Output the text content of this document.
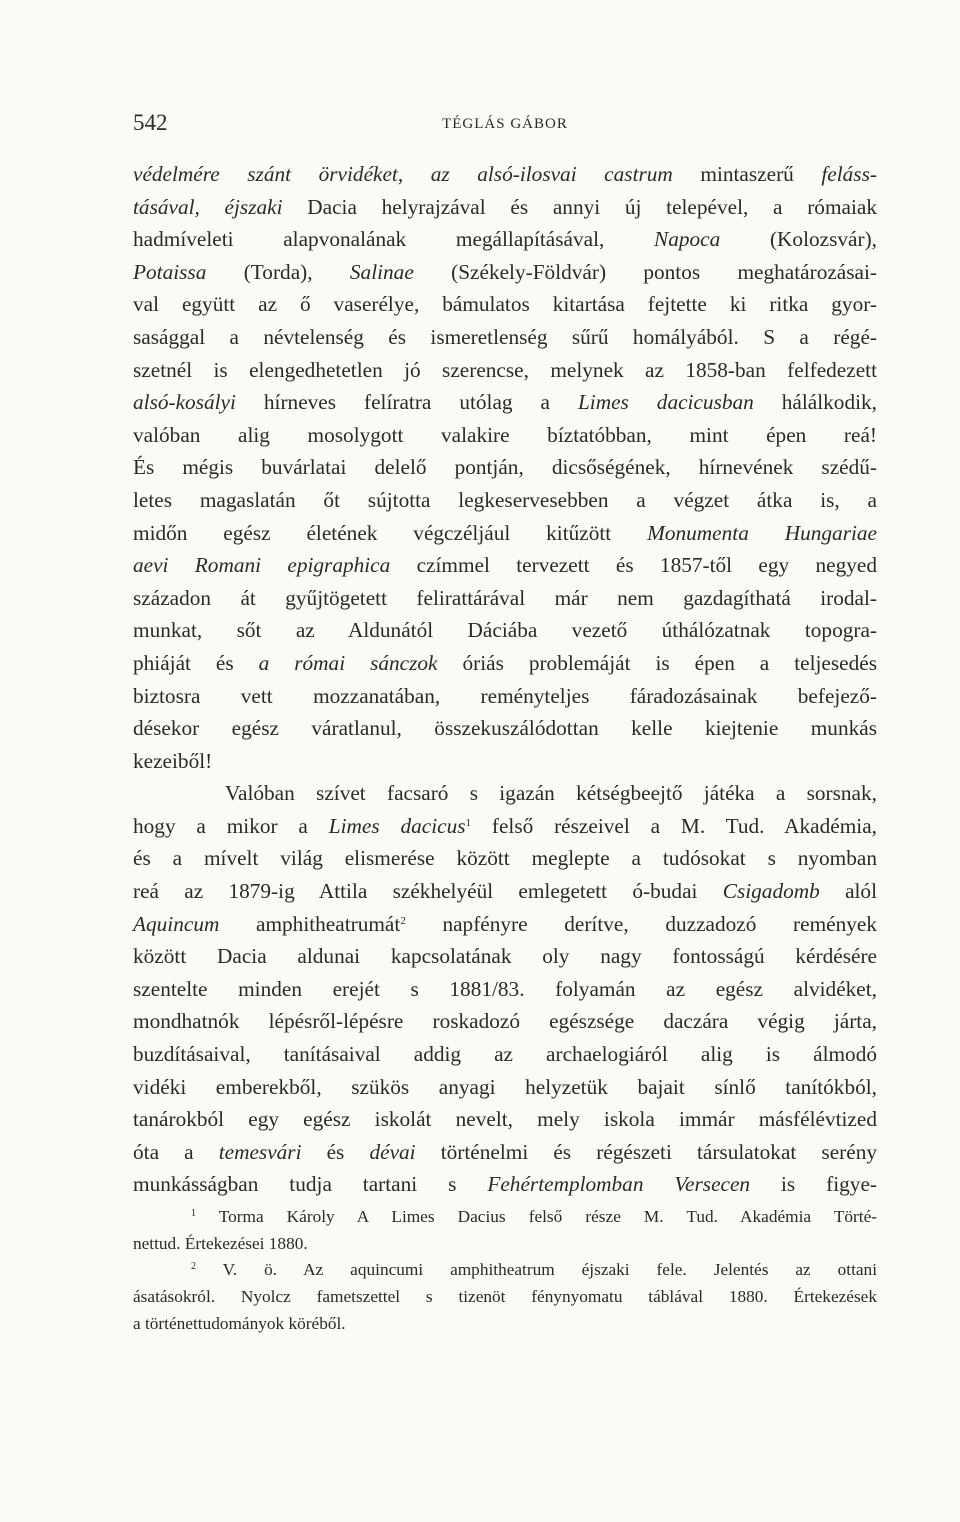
542	TÉGLÁS GÁBOR
védelmére szánt örvidéket, az alsó-ilosvai castrum mintaszerű feláss-
tásával, éjszaki Dacia helyrajzával és annyi új telepével, a rómaiak
hadmíveleti alapvonalának megállapításával, Napoca (Kolozsvár),
Potaissa (Torda), Salinae (Székely-Földvár) pontos meghatározásai-
val együtt az ő vaserélye, bámulatos kitartása fejtette ki ritka gyor-
sasággal a névtelenség és ismeretlenség sűrű homályából. S a régé-
szetnél is elengedhetetlen jó szerencse, melynek az 1858-ban felfedezett
alsó-kosályi hírneves felíratra utólag a Limes dacicusban hálálkodik,
valóban alig mosolygott valakire bíztatóbban, mint épen reá!
És mégis buvárlatai delelő pontján, dicsőségének, hírnevének szédű-
letes magaslatán őt sújtotta legkeservesebben a végzet átka is, a
midőn egész életének végczéljául kitűzött Monumenta Hungariae
aevi Romani epigraphica czímmel tervezett és 1857-től egy negyed
századon át gyűjtögetett felirattárával már nem gazdagíthatá irodal-
munkat, sőt az Aldunától Dáciába vezető úthálózatnak topogra-
phiáját és a római sánczok óriás problemáját is épen a teljesedés
biztosra vett mozzanatában, reményteljes fáradozásainak befejező-
désekor egész váratlanul, összekuszálódottan kelle kiejtenie munkás
kezeiből!
Valóban szívet facsaró s igazán kétségbeejtő játéka a sorsnak,
hogy a mikor a Limes dacicus$^1$ felső részeivel a M. Tud. Akadémia,
és a mívelt világ elismerése között meglepte a tudósokat s nyomban
reá az 1879-ig Attila székhelyéül emlegetett ó-budai Csigadomb alól
Aquincum amphitheatrumát$^2$ napfényre derítve, duzzadozó remények
között Dacia aldunai kapcsolatának oly nagy fontosságú kérdésére
szentelte minden erejét s 1881/83. folyamán az egész alvidéket,
mondhatnók lépésről-lépésre roskadozó egészsége daczára végig járta,
buzdításaival, tanításaival addig az archaelogiáról alig is álmodó
vidéki emberekből, szükös anyagi helyzetük bajait sínlő tanítókból,
tanárokból egy egész iskolát nevelt, mely iskola immár másfélévtized
óta a temesvári és dévai történelmi és régészeti társulatokat serény
munkásságban tudja tartani s Fehértemplomban Versecen is figye-
$^1$ Torma Károly A Limes Dacius felső része M. Tud. Akadémia Törté-
nettud. Értekezései 1880.
$^2$ V. ö. Az aquincumi amphitheatrum éjszaki fele. Jelentés az ottani
ásatásokról. Nyolcz fametszettel s tizenöt fénynyomatu táblával 1880. Értekezések
a történettudományok köréből.
